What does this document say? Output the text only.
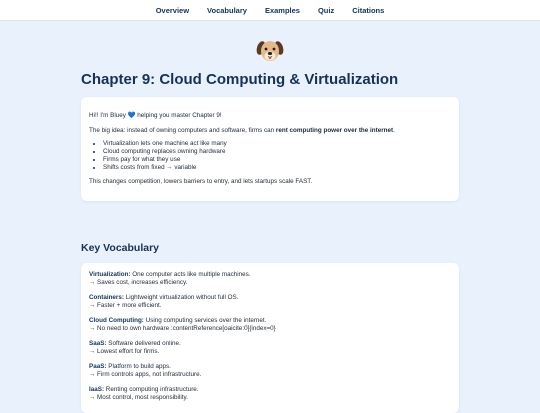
Overview Vocabulary Examples Quiz Citations
Chapter 9: Cloud Computing & Virtualization

Hi!! I'm Bluey 💙 helping you master Chapter 9!

The big idea: instead of owning computers and software, firms can rent computing power over the internet.

• Virtualization lets one machine act like many
• Cloud computing replaces owning hardware
• Firms pay for what they use
• Shifts costs from fixed → variable

This changes competition, lowers barriers to entry, and lets startups scale FAST.

Key Vocabulary
Virtualization: One computer acts like multiple machines.
→ Saves cost, increases efficiency.
Containers: Lightweight virtualization without full OS.
→ Faster + more efficient.
Cloud Computing: Using computing services over the internet.
→ No need to own hardware :contentReference[oaicite:0]{index=0}
SaaS: Software delivered online.
→ Lowest effort for firms.
PaaS: Platform to build apps.
→ Firm controls apps, not infrastructure.
IaaS: Renting computing infrastructure.
→ Most control, most responsibility.
